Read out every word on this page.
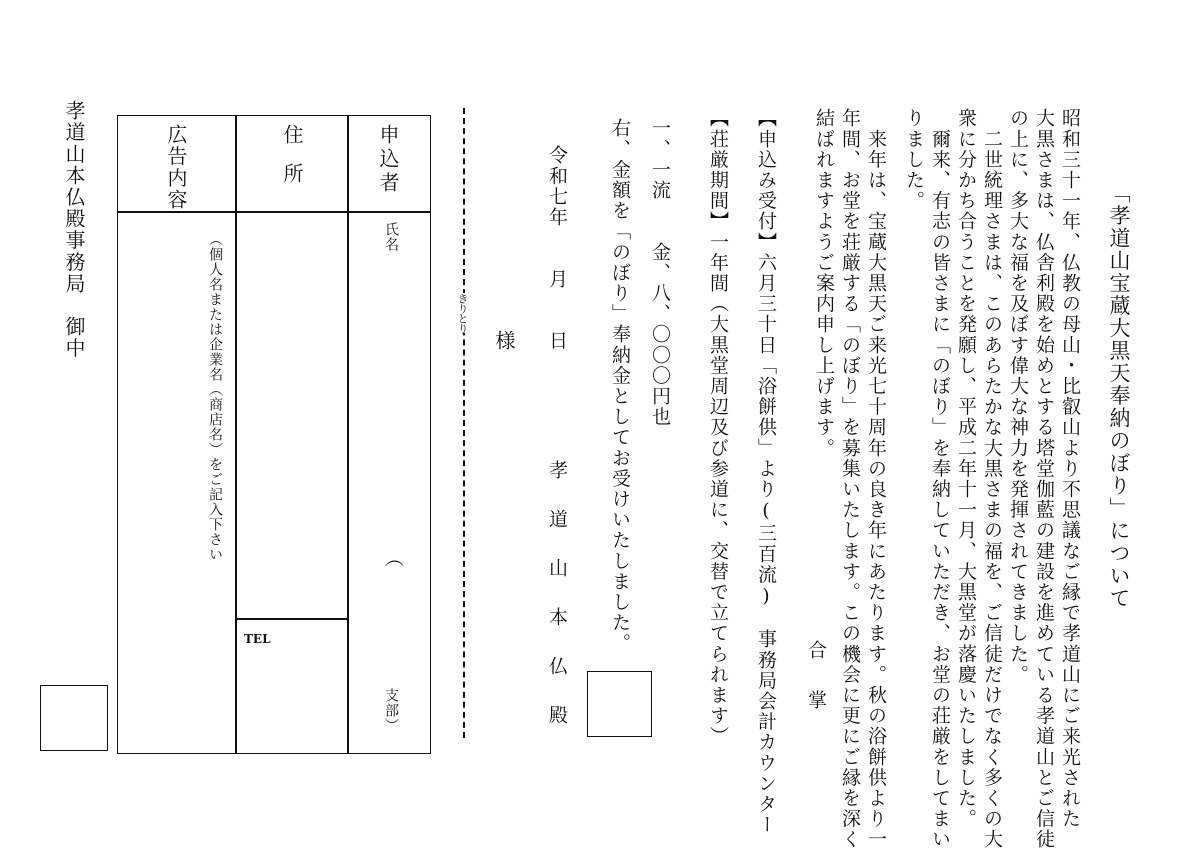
「孝道山宝蔵大黒天奉納のぼり」について
昭和三十一年、仏教の母山・比叡山より不思議なご縁で孝道山にご来光された
大黒さまは、仏舎利殿を始めとする塔堂伽藍の建設を進めている孝道山とご信徒
の上に、多大な福を及ぼす偉大な神力を発揮されてきました。
　二世統理さまは、このあらたかな大黒さまの福を、ご信徒だけでなく多くの大
衆に分かち合うことを発願し、平成二年十一月、大黒堂が落慶いたしました。
　爾来、有志の皆さまに「のぼり」を奉納していただき、お堂の荘厳をしてまい
りました。
　来年は、宝蔵大黒天ご来光七十周年の良き年にあたります。秋の浴餅供より一
年間、お堂を荘厳する「のぼり」を募集いたします。この機会に更にご縁を深く
結ばれますようご案内申し上げます。
合　掌
【申込み受付】六月三十日「浴餅供」より(三百流)　事務局会計カウンター
【荘厳期間】一年間（大黒堂周辺及び参道に、交替で立てられます）
一、一流　　金、八、〇〇〇円也
右、金額を「のぼり」奉納金としてお受けいたしました。
令和七年　　月　　日
孝 道 山 本 仏 殿
様
きりとり
申込者
住
所
広告内容
氏名
（
支部）
TEL
（個人名または企業名（商店名）をご記入下さい
孝道山本仏殿事務局　御中
